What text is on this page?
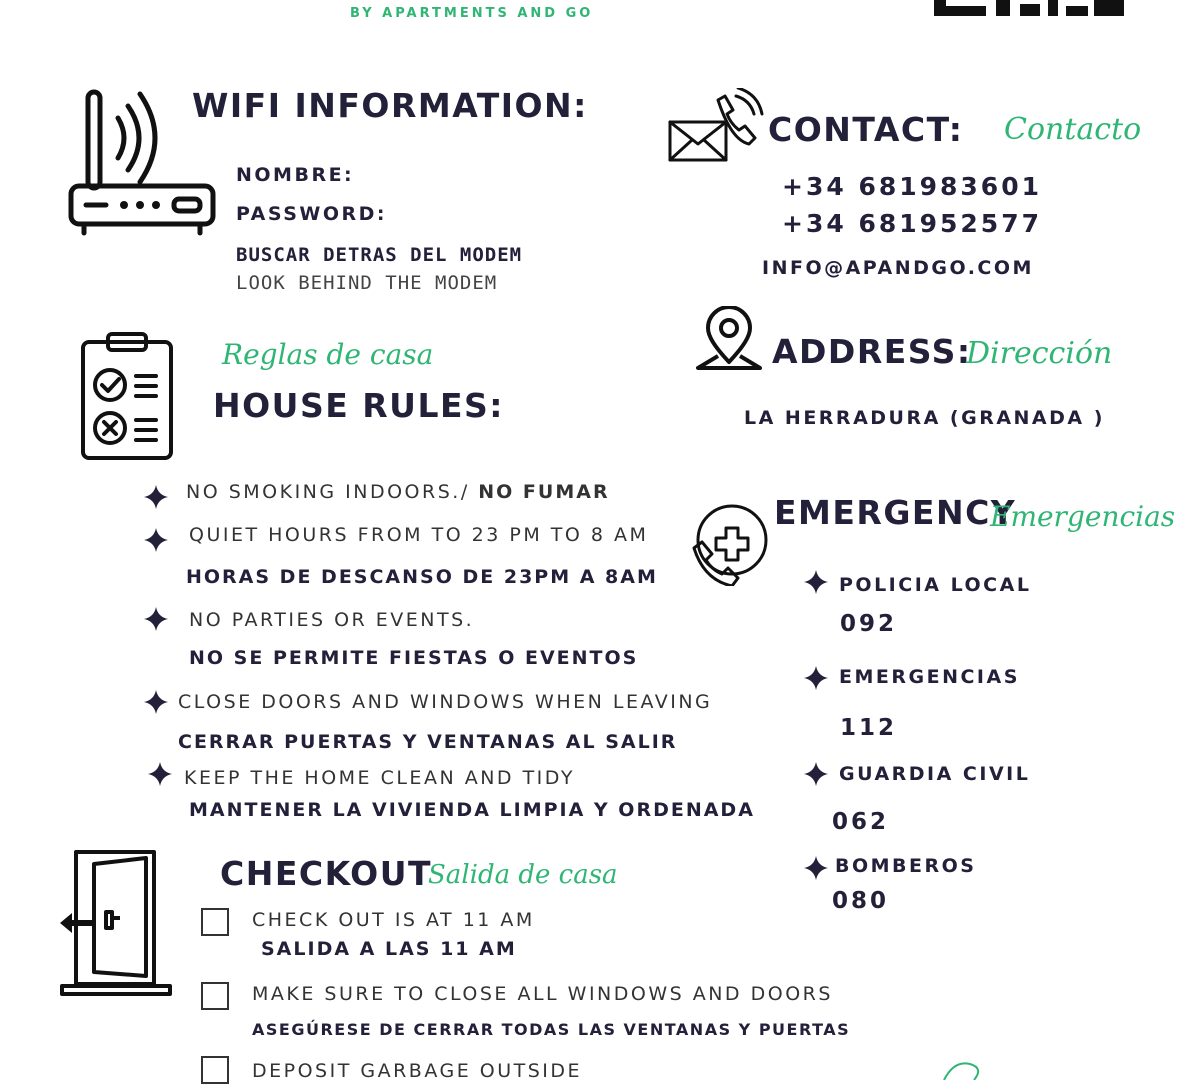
BY APARTMENTS AND GO
WIFI INFORMATION:
NOMBRE:
PASSWORD:
BUSCAR DETRAS DEL MODEM
LOOK BEHIND THE MODEM
CONTACT: Contacto
+34 681983601
+34 681952577
INFO@APANDGO.COM
Reglas de casa
HOUSE RULES:
ADDRESS:
Dirección
LA HERRADURA (GRANADA )
NO SMOKING INDOORS./ NO FUMAR
QUIET HOURS FROM TO 23 PM TO 8 AM
HORAS DE DESCANSO DE 23PM A 8AM
NO PARTIES OR EVENTS.
NO SE PERMITE FIESTAS O EVENTOS
CLOSE DOORS AND WINDOWS WHEN LEAVING
CERRAR PUERTAS Y VENTANAS AL SALIR
KEEP THE HOME CLEAN AND TIDY
MANTENER LA VIVIENDA LIMPIA Y ORDENADA
EMERGENCY
Emergencias
POLICIA LOCAL
092
EMERGENCIAS
112
GUARDIA CIVIL
062
BOMBEROS
080
CHECKOUT
Salida de casa
CHECK OUT IS AT 11 AM
SALIDA A LAS 11 AM
MAKE SURE TO CLOSE ALL WINDOWS AND DOORS
ASEGÚRESE DE CERRAR TODAS LAS VENTANAS Y PUERTAS
DEPOSIT GARBAGE OUTSIDE
